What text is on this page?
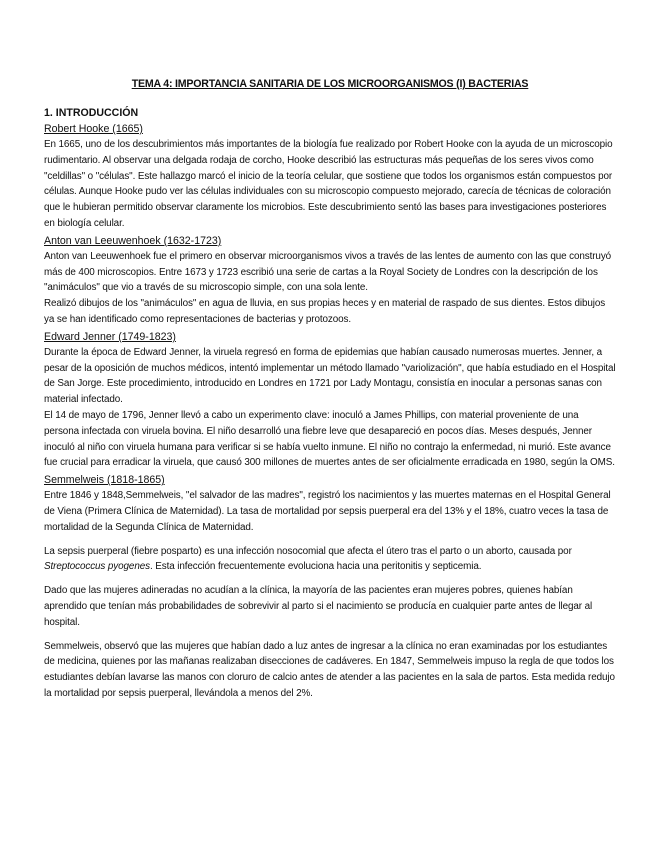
TEMA 4: IMPORTANCIA SANITARIA DE LOS MICROORGANISMOS (I) BACTERIAS
1. INTRODUCCIÓN
Robert Hooke (1665)

En 1665, uno de los descubrimientos más importantes de la biología fue realizado por Robert Hooke con la ayuda de un microscopio rudimentario. Al observar una delgada rodaja de corcho, Hooke describió las estructuras más pequeñas de los seres vivos como "celdillas" o "células". Este hallazgo marcó el inicio de la teoría celular, que sostiene que todos los organismos están compuestos por células. Aunque Hooke pudo ver las células individuales con su microscopio compuesto mejorado, carecía de técnicas de coloración que le hubieran permitido observar claramente los microbios. Este descubrimiento sentó las bases para investigaciones posteriores en biología celular.

Anton van Leeuwenhoek (1632-1723)

Anton van Leeuwenhoek fue el primero en observar microorganismos vivos a través de las lentes de aumento con las que construyó más de 400 microscopios. Entre 1673 y 1723 escribió una serie de cartas a la Royal Society de Londres con la descripción de los "animáculos" que vio a través de su microscopio simple, con una sola lente.

Realizó dibujos de los "animáculos" en agua de lluvia, en sus propias heces y en material de raspado de sus dientes. Estos dibujos ya se han identificado como representaciones de bacterias y protozoos.

Edward Jenner (1749-1823)

Durante la época de Edward Jenner, la viruela regresó en forma de epidemias que habían causado numerosas muertes. Jenner, a pesar de la oposición de muchos médicos, intentó implementar un método llamado "variolización", que había estudiado en el Hospital de San Jorge. Este procedimiento, introducido en Londres en 1721 por Lady Montagu, consistía en inocular a personas sanas con material infectado.

El 14 de mayo de 1796, Jenner llevó a cabo un experimento clave: inoculó a James Phillips, con material proveniente de una persona infectada con viruela bovina. El niño desarrolló una fiebre leve que desapareció en pocos días. Meses después, Jenner inoculó al niño con viruela humana para verificar si se había vuelto inmune. El niño no contrajo la enfermedad, ni murió. Este avance fue crucial para erradicar la viruela, que causó 300 millones de muertes antes de ser oficialmente erradicada en 1980, según la OMS.

Semmelweis (1818-1865)

Entre 1846 y 1848,Semmelweis, "el salvador de las madres", registró los nacimientos y las muertes maternas en el Hospital General de Viena (Primera Clínica de Maternidad). La tasa de mortalidad por sepsis puerperal era del 13% y el 18%, cuatro veces la tasa de mortalidad de la Segunda Clínica de Maternidad.

La sepsis puerperal (fiebre posparto) es una infección nosocomial que afecta el útero tras el parto o un aborto, causada por Streptococcus pyogenes. Esta infección frecuentemente evoluciona hacia una peritonitis y septicemia.

Dado que las mujeres adineradas no acudían a la clínica, la mayoría de las pacientes eran mujeres pobres, quienes habían aprendido que tenían más probabilidades de sobrevivir al parto si el nacimiento se producía en cualquier parte antes de llegar al hospital.

Semmelweis, observó que las mujeres que habían dado a luz antes de ingresar a la clínica no eran examinadas por los estudiantes de medicina, quienes por las mañanas realizaban disecciones de cadáveres. En 1847, Semmelweis impuso la regla de que todos los estudiantes debían lavarse las manos con cloruro de calcio antes de atender a las pacientes en la sala de partos. Esta medida redujo la mortalidad por sepsis puerperal, llevándola a menos del 2%.
